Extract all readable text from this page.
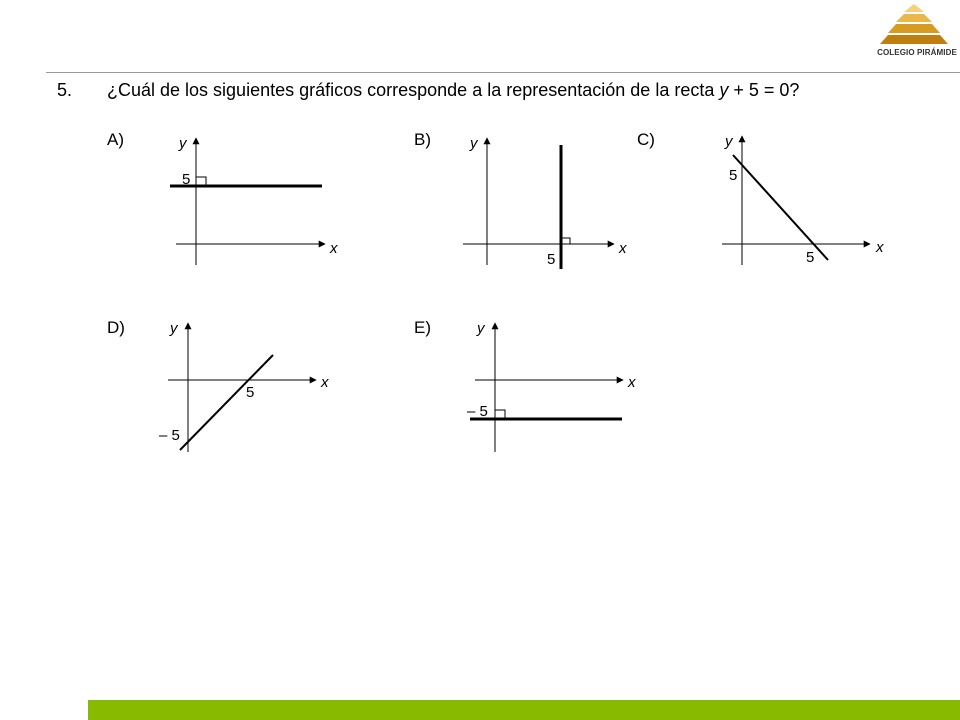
COLEGIO PIRÁMIDE
5. ¿Cuál de los siguientes gráficos corresponde a la representación de la recta y + 5 = 0?
A)	B)	C)
D)	E)
5
x
y
5
x
y
5
5
x
y
5
– 5
x
y
– 5
x
y
